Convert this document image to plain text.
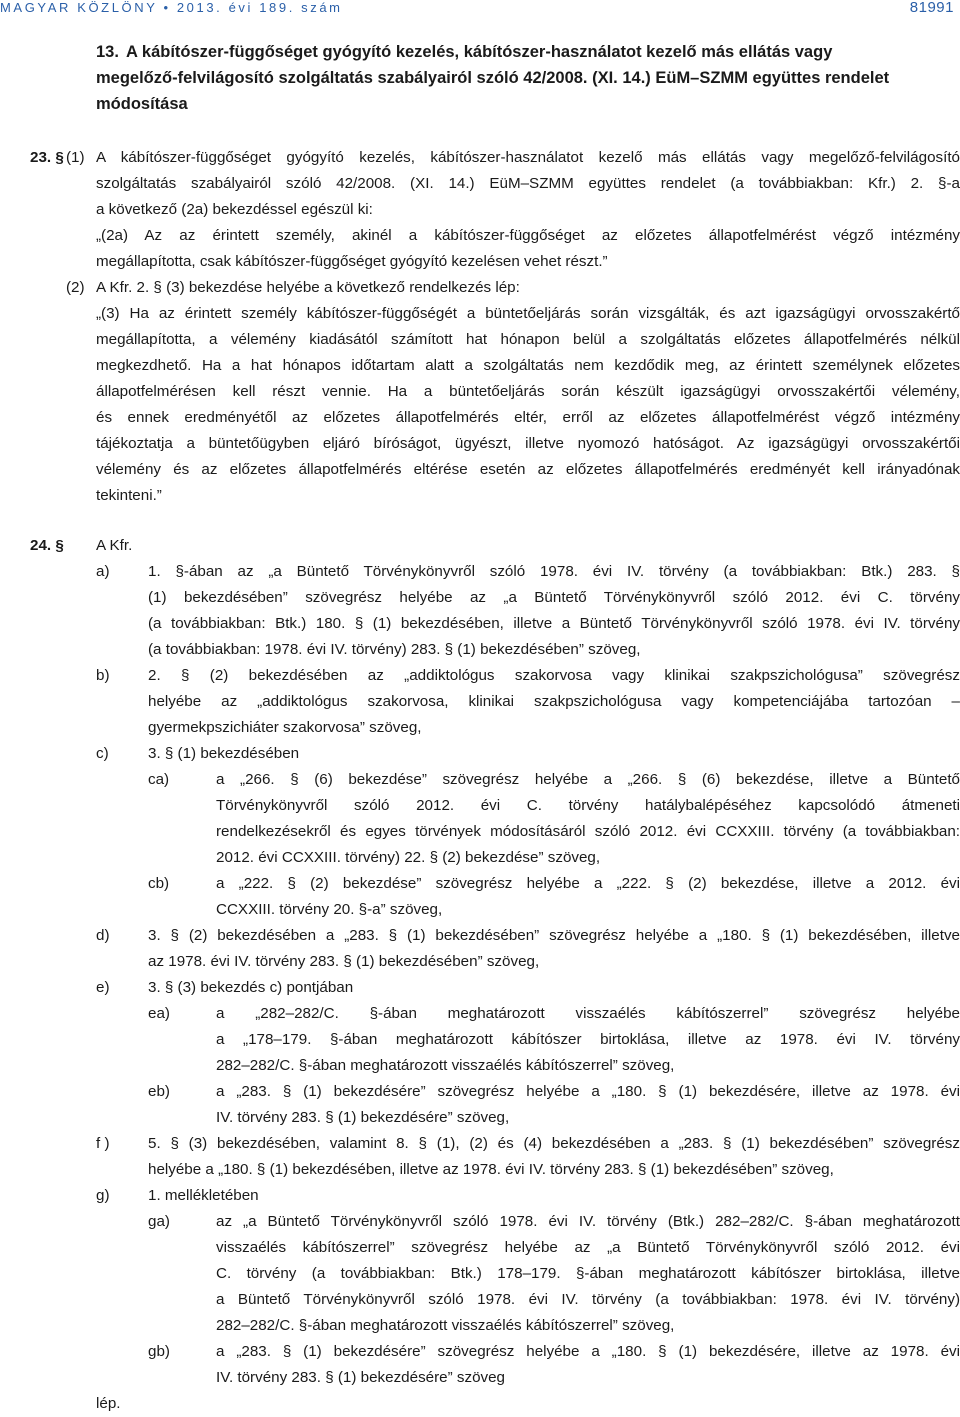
MAGYAR KÖZLÖNY • 2013. évi 189. szám	81991
13. A kábítószer-függőséget gyógyító kezelés, kábítószer-használatot kezelő más ellátás vagy
megelőző-felvilágosító szolgáltatás szabályairól szóló 42/2008. (XI. 14.) EüM–SZMM együttes rendelet
módosítása
23. § (1) A kábítószer-függőséget gyógyító kezelés, kábítószer-használatot kezelő más ellátás vagy megelőző-felvilágosító
szolgáltatás szabályairól szóló 42/2008. (XI. 14.) EüM–SZMM együttes rendelet (a továbbiakban: Kfr.) 2. §-a
a következő (2a) bekezdéssel egészül ki:
„(2a) Az az érintett személy, akinél a kábítószer-függőséget az előzetes állapotfelmérést végző intézmény
megállapította, csak kábítószer-függőséget gyógyító kezelésen vehet részt.”
(2) A Kfr. 2. § (3) bekezdése helyébe a következő rendelkezés lép:
„(3) Ha az érintett személy kábítószer-függőségét a büntetőeljárás során vizsgálták, és azt igazságügyi orvosszakértő
megállapította, a vélemény kiadásától számított hat hónapon belül a szolgáltatás előzetes állapotfelmérés nélkül
megkezdhető. Ha a hat hónapos időtartam alatt a szolgáltatás nem kezdődik meg, az érintett személynek előzetes
állapotfelmérésen kell részt vennie. Ha a büntetőeljárás során készült igazságügyi orvosszakértői vélemény,
és ennek eredményétől az előzetes állapotfelmérés eltér, erről az előzetes állapotfelmérést végző intézmény
tájékoztatja a büntetőügyben eljáró bíróságot, ügyészt, illetve nyomozó hatóságot. Az igazságügyi orvosszakértői
vélemény és az előzetes állapotfelmérés eltérése esetén az előzetes állapotfelmérés eredményét kell irányadónak
tekinteni.”
24. § A Kfr.
a)	1. §-ában az „a Büntető Törvénykönyvről szóló 1978. évi IV. törvény (a továbbiakban: Btk.) 283. §
(1) bekezdésében” szövegrész helyébe az „a Büntető Törvénykönyvről szóló 2012. évi C. törvény
(a továbbiakban: Btk.) 180. § (1) bekezdésében, illetve a Büntető Törvénykönyvről szóló 1978. évi IV. törvény
(a továbbiakban: 1978. évi IV. törvény) 283. § (1) bekezdésében” szöveg,
b)	2. § (2) bekezdésében az „addiktológus szakorvosa vagy klinikai szakpszichológusa” szövegrész
helyébe az „addiktológus szakorvosa, klinikai szakpszichológusa vagy kompetenciájába tartozóan –
gyermekpszichiáter szakorvosa” szöveg,
c)	3. § (1) bekezdésében
ca)	a „266. § (6) bekezdése” szövegrész helyébe a „266. § (6) bekezdése, illetve a Büntető
Törvénykönyvről szóló 2012. évi C. törvény hatálybalépéséhez kapcsolódó átmeneti
rendelkezésekről és egyes törvények módosításáról szóló 2012. évi CCXXIII. törvény (a továbbiakban:
2012. évi CCXXIII. törvény) 22. § (2) bekezdése” szöveg,
cb)	a „222. § (2) bekezdése” szövegrész helyébe a „222. § (2) bekezdése, illetve a 2012. évi
CCXXIII. törvény 20. §-a” szöveg,
d)	3. § (2) bekezdésében a „283. § (1) bekezdésében” szövegrész helyébe a „180. § (1) bekezdésében, illetve
az 1978. évi IV. törvény 283. § (1) bekezdésében” szöveg,
e)	3. § (3) bekezdés c) pontjában
ea)	a „282–282/C. §-ában meghatározott visszaélés kábítószerrel” szövegrész helyébe
a „178–179. §-ában meghatározott kábítószer birtoklása, illetve az 1978. évi IV. törvény
282–282/C. §-ában meghatározott visszaélés kábítószerrel” szöveg,
eb)	a „283. § (1) bekezdésére” szövegrész helyébe a „180. § (1) bekezdésére, illetve az 1978. évi
IV. törvény 283. § (1) bekezdésére” szöveg,
f )	5. § (3) bekezdésében, valamint 8. § (1), (2) és (4) bekezdésében a „283. § (1) bekezdésében” szövegrész
helyébe a „180. § (1) bekezdésében, illetve az 1978. évi IV. törvény 283. § (1) bekezdésében” szöveg,
g)	1. mellékletében
ga)	az „a Büntető Törvénykönyvről szóló 1978. évi IV. törvény (Btk.) 282–282/C. §-ában meghatározott
visszaélés kábítószerrel” szövegrész helyébe az „a Büntető Törvénykönyvről szóló 2012. évi
C. törvény (a továbbiakban: Btk.) 178–179. §-ában meghatározott kábítószer birtoklása, illetve
a Büntető Törvénykönyvről szóló 1978. évi IV. törvény (a továbbiakban: 1978. évi IV. törvény)
282–282/C. §-ában meghatározott visszaélés kábítószerrel” szöveg,
gb)	a „283. § (1) bekezdésére” szövegrész helyébe a „180. § (1) bekezdésére, illetve az 1978. évi
IV. törvény 283. § (1) bekezdésére” szöveg
lép.
